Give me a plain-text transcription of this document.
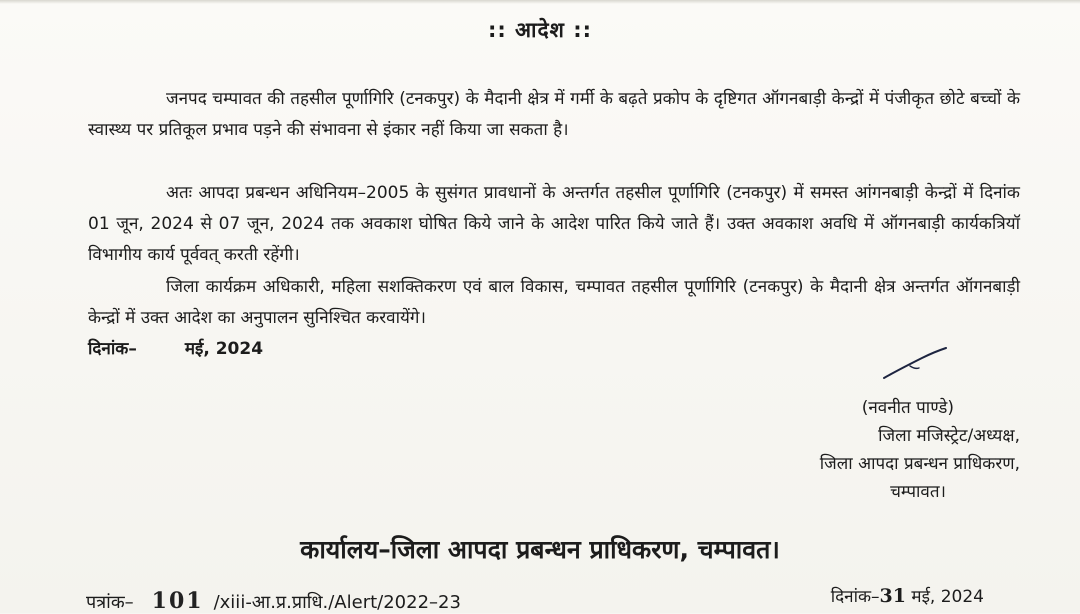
:: आदेश ::
जनपद चम्पावत की तहसील पूर्णागिरि (टनकपुर) के मैदानी क्षेत्र में गर्मी के बढ़ते प्रकोप के दृष्टिगत ऑगनबाड़ी केन्द्रों में पंजीकृत छोटे बच्चों के स्वास्थ्य पर प्रतिकूल प्रभाव पड़ने की संभावना से इंकार नहीं किया जा सकता है।
अतः आपदा प्रबन्धन अधिनियम–2005 के सुसंगत प्रावधानों के अन्तर्गत तहसील पूर्णागिरि (टनकपुर) में समस्त आंगनबाड़ी केन्द्रों में दिनांक 01 जून, 2024 से 07 जून, 2024 तक अवकाश घोषित किये जाने के आदेश पारित किये जाते हैं। उक्त अवकाश अवधि में ऑगनबाड़ी कार्यकत्रियॉ विभागीय कार्य पूर्ववत् करती रहेंगी।
जिला कार्यक्रम अधिकारी, महिला सशक्तिकरण एवं बाल विकास, चम्पावत तहसील पूर्णागिरि (टनकपुर) के मैदानी क्षेत्र अन्तर्गत ऑगनबाड़ी केन्द्रों में उक्त आदेश का अनुपालन सुनिश्चित करवायेंगे।
दिनांक–	मई, 2024
(नवनीत पाण्डे)
जिला मजिस्ट्रेट/अध्यक्ष,
जिला आपदा प्रबन्धन प्राधिकरण,
चम्पावत।
कार्यालय–जिला आपदा प्रबन्धन प्राधिकरण, चम्पावत।
पत्रांक– 101 /xiii-आ.प्र.प्राधि./Alert/2022–23	दिनांक–31 मई, 2024
